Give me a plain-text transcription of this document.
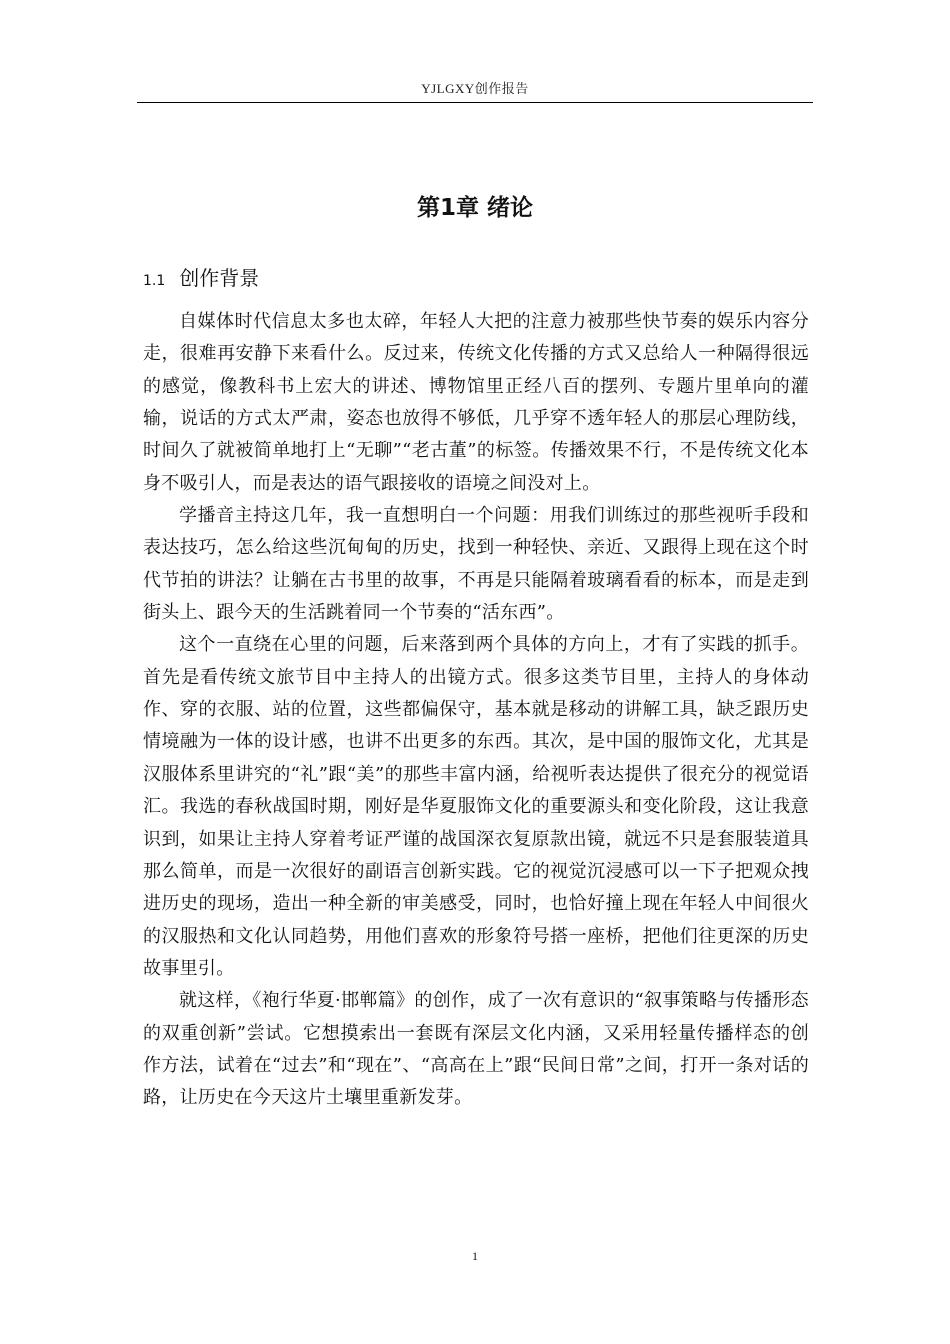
YJLGXY创作报告
第1章 绪论
1.1 创作背景

自媒体时代信息太多也太碎，年轻人大把的注意力被那些快节奏的娱乐内容分走，很难再安静下来看什么。反过来，传统文化传播的方式又总给人一种隔得很远的感觉，像教科书上宏大的讲述、博物馆里正经八百的摆列、专题片里单向的灌输，说话的方式太严肃，姿态也放得不够低，几乎穿不透年轻人的那层心理防线，时间久了就被简单地打上“无聊”“老古董”的标签。传播效果不行，不是传统文化本身不吸引人，而是表达的语气跟接收的语境之间没对上。

学播音主持这几年，我一直想明白一个问题：用我们训练过的那些视听手段和表达技巧，怎么给这些沉甸甸的历史，找到一种轻快、亲近、又跟得上现在这个时代节拍的讲法？让躺在古书里的故事，不再是只能隔着玻璃看看的标本，而是走到街头上、跟今天的生活跳着同一个节奏的“活东西”。

这个一直绕在心里的问题，后来落到两个具体的方向上，才有了实践的抓手。首先是看传统文旅节目中主持人的出镜方式。很多这类节目里，主持人的身体动作、穿的衣服、站的位置，这些都偏保守，基本就是移动的讲解工具，缺乏跟历史情境融为一体的设计感，也讲不出更多的东西。其次，是中国的服饰文化，尤其是汉服体系里讲究的“礼”跟“美”的那些丰富内涵，给视听表达提供了很充分的视觉语汇。我选的春秋战国时期，刚好是华夏服饰文化的重要源头和变化阶段，这让我意识到，如果让主持人穿着考证严谨的战国深衣复原款出镜，就远不只是套服装道具那么简单，而是一次很好的副语言创新实践。它的视觉沉浸感可以一下子把观众拽进历史的现场，造出一种全新的审美感受，同时，也恰好撞上现在年轻人中间很火的汉服热和文化认同趋势，用他们喜欢的形象符号搭一座桥，把他们往更深的历史故事里引。

就这样，《袍行华夏·邯郸篇》的创作，成了一次有意识的“叙事策略与传播形态的双重创新”尝试。它想摸索出一套既有深层文化内涵，又采用轻量传播样态的创作方法，试着在“过去”和“现在”、“高高在上”跟“民间日常”之间，打开一条对话的路，让历史在今天这片土壤里重新发芽。

1
